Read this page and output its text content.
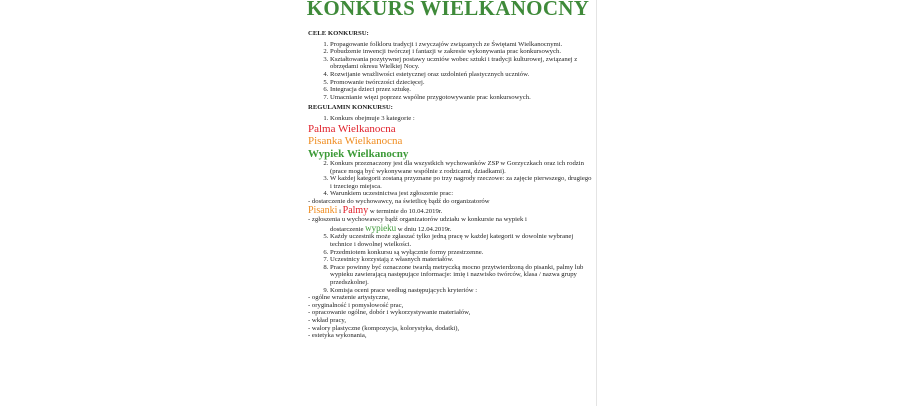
KONKURS WIELKANOCNY
CELE KONKURSU:
1. Propagowanie folkloru tradycji i zwyczajów związanych ze Świętami Wielkanocnymi.
2. Pobudzenie inwencji twórczej i fantazji w zakresie wykonywania prac konkursowych.
3. Kształtowania pozytywnej postawy uczniów wobec sztuki i tradycji kulturowej, związanej z obrzędami okresu Wielkiej Nocy.
4. Rozwijanie wrażliwości estetycznej oraz uzdolnień plastycznych uczniów.
5. Promowanie twórczości dziecięcej.
6. Integracja dzieci przez sztukę.
7. Umacnianie więzi poprzez wspólne przygotowywanie prac konkursowych.
REGULAMIN KONKURSU:
1. Konkurs obejmuje 3 kategorie :
Palma Wielkanocna
Pisanka Wielkanocna
Wypiek Wielkanocny
2. Konkurs przeznaczony jest dla wszystkich wychowanków ZSP w Gorzyczkach oraz ich rodzin (prace mogą być wykonywane wspólnie z rodzicami, dziadkami).
3. W każdej kategorii zostaną przyznane po trzy nagrody rzeczowe: za zajęcie pierwszego, drugiego i trzeciego miejsca.
4. Warunkiem uczestnictwa jest zgłoszenie prac:
- dostarczenie do wychowawcy, na świetlicę bądź do organizatorów
Pisanki i Palmy w terminie do 10.04.2019r.
- zgłoszenia u wychowawcy bądź organizatorów udziału w konkursie na wypiek i
dostarczenie wypieku w dniu 12.04.2019r.
5. Każdy uczestnik może zgłaszać tylko jedną pracę w każdej kategorii w dowolnie wybranej technice i dowolnej wielkości.
6. Przedmiotem konkursu są wyłącznie formy przestrzenne.
7. Uczestnicy korzystają z własnych materiałów.
8. Prace powinny być oznaczone twardą metryczką mocno przytwierdzoną do pisanki, palmy lub wypieku zawierającą następujące informacje: imię i nazwisko twórców, klasa / nazwa grupy przedszkolnej.
9. Komisja oceni prace według następujących kryteriów :
- ogólne wrażenie artystyczne,
- oryginalność i pomysłowość prac,
- opracowanie ogólne, dobór i wykorzystywanie materiałów,
- wkład pracy,
- walory plastyczne (kompozycja, kolorystyka, dodatki),
- estetyka wykonania,
